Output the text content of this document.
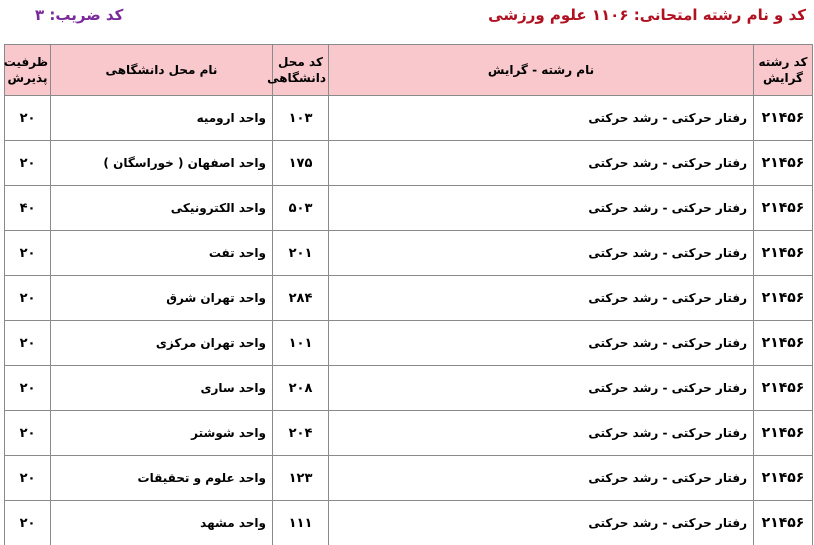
کد و نام رشته امتحانی: ۱۱۰۶ علوم ورزشی
کد ضریب: ۳
کد رشته گرایش	نام رشته - گرایش	کد محل دانشگاهی	نام محل دانشگاهی	ظرفیت پذیرش
۲۱۴۵۶	رفتار حرکتی - رشد حرکتی	۱۰۳	واحد ارومیه	۲۰
۲۱۴۵۶	رفتار حرکتی - رشد حرکتی	۱۷۵	واحد اصفهان ( خوراسگان )	۲۰
۲۱۴۵۶	رفتار حرکتی - رشد حرکتی	۵۰۳	واحد الکترونیکی	۴۰
۲۱۴۵۶	رفتار حرکتی - رشد حرکتی	۲۰۱	واحد تفت	۲۰
۲۱۴۵۶	رفتار حرکتی - رشد حرکتی	۲۸۴	واحد تهران شرق	۲۰
۲۱۴۵۶	رفتار حرکتی - رشد حرکتی	۱۰۱	واحد تهران مرکزی	۲۰
۲۱۴۵۶	رفتار حرکتی - رشد حرکتی	۲۰۸	واحد ساری	۲۰
۲۱۴۵۶	رفتار حرکتی - رشد حرکتی	۲۰۴	واحد شوشتر	۲۰
۲۱۴۵۶	رفتار حرکتی - رشد حرکتی	۱۲۳	واحد علوم و تحقیقات	۲۰
۲۱۴۵۶	رفتار حرکتی - رشد حرکتی	۱۱۱	واحد مشهد	۲۰
